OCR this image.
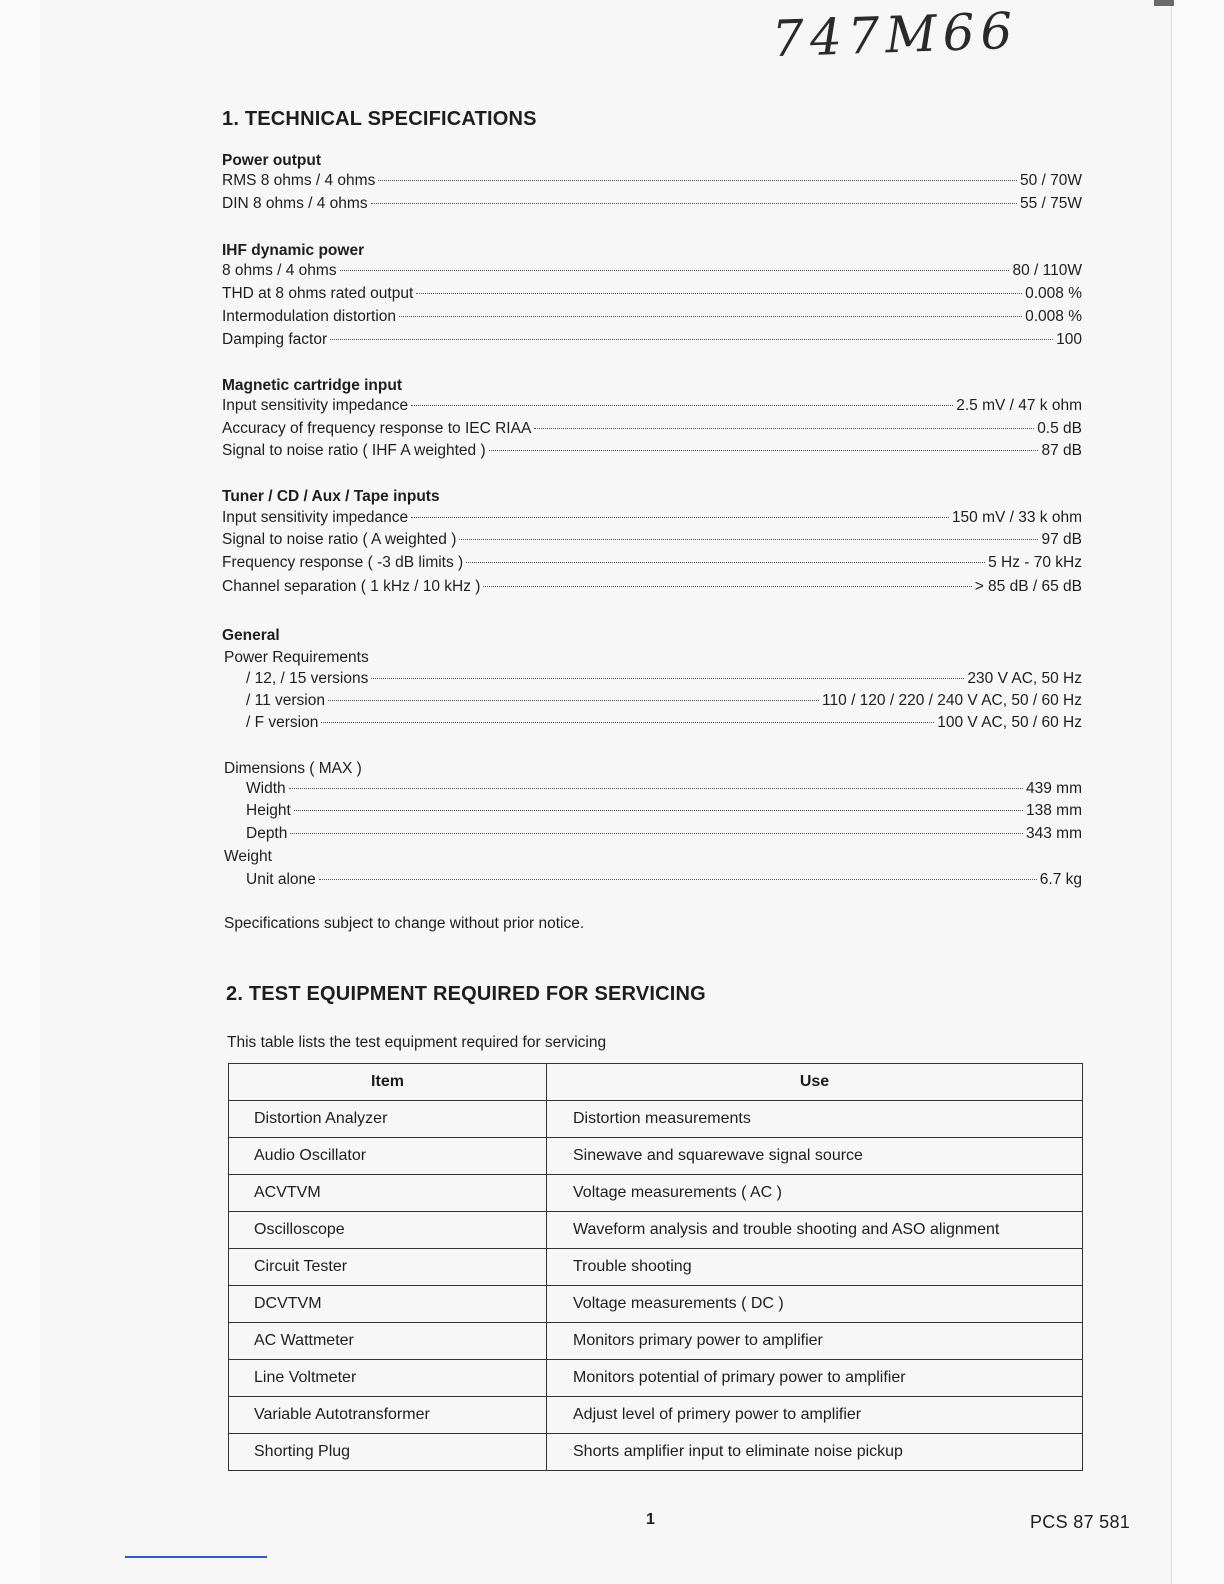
747M66
1. TECHNICAL SPECIFICATIONS
Power output
RMS 8 ohms / 4 ohms	50 / 70W
DIN 8 ohms / 4 ohms	55 / 75W
IHF dynamic power
8 ohms / 4 ohms	80 / 110W
THD at 8 ohms rated output	0.008 %
Intermodulation distortion	0.008 %
Damping factor	100
Magnetic cartridge input
Input sensitivity impedance	2.5 mV / 47 k ohm
Accuracy of frequency response to IEC RIAA	0.5 dB
Signal to noise ratio ( IHF A weighted )	87 dB
Tuner / CD / Aux / Tape inputs
Input sensitivity impedance	150 mV / 33 k ohm
Signal to noise ratio ( A weighted )	97 dB
Frequency response ( -3 dB limits )	5 Hz - 70 kHz
Channel separation ( 1 kHz / 10 kHz )	> 85 dB / 65 dB
General
Power Requirements
/ 12, / 15 versions	230 V AC, 50 Hz
/ 11 version	110 / 120 / 220 / 240 V AC, 50 / 60 Hz
/ F version	100 V AC, 50 / 60 Hz
Dimensions ( MAX )
Width	439 mm
Height	138 mm
Depth	343 mm
Weight
Unit alone	6.7 kg
Specifications subject to change without prior notice.
2. TEST EQUIPMENT REQUIRED FOR SERVICING
This table lists the test equipment required for servicing
Item	Use
Distortion Analyzer	Distortion measurements
Audio Oscillator	Sinewave and squarewave signal source
ACVTVM	Voltage measurements ( AC )
Oscilloscope	Waveform analysis and trouble shooting and ASO alignment
Circuit Tester	Trouble shooting
DCVTVM	Voltage measurements ( DC )
AC Wattmeter	Monitors primary power to amplifier
Line Voltmeter	Monitors potential of primary power to amplifier
Variable Autotransformer	Adjust level of primery power to amplifier
Shorting Plug	Shorts amplifier input to eliminate noise pickup
1	PCS 87 581
